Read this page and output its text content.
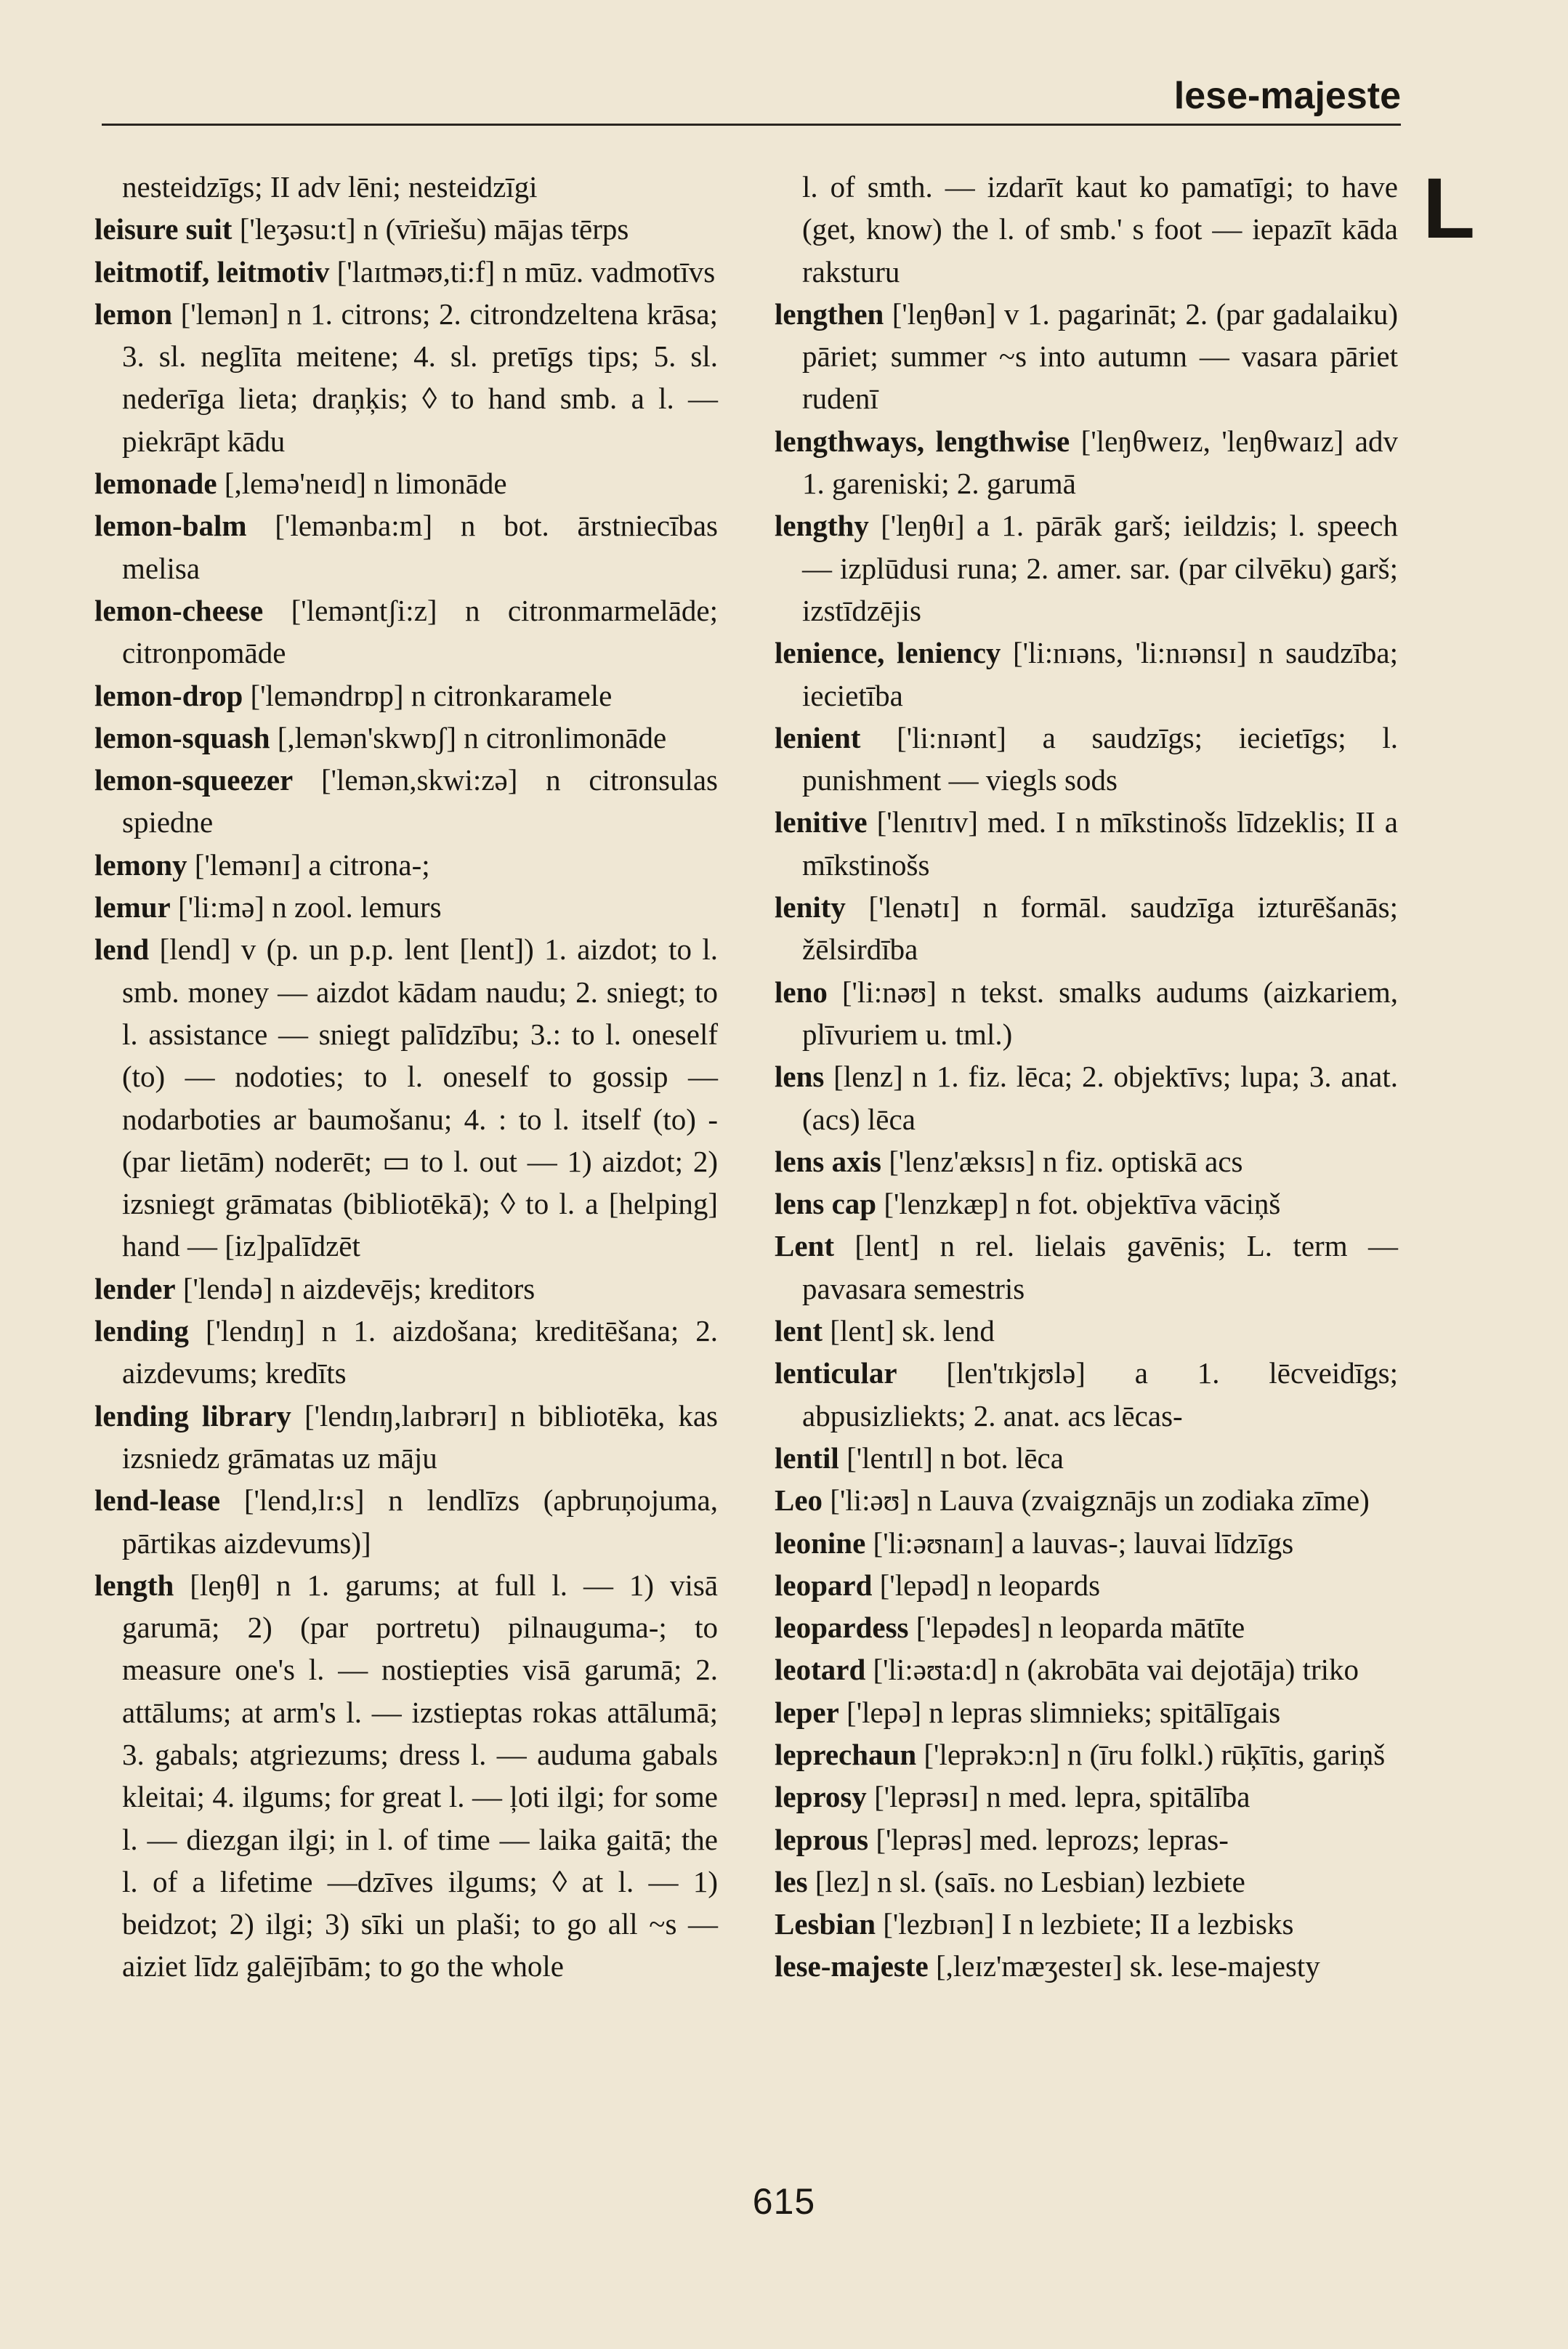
lese-majeste
L

nesteidzīgs; II adv lēni; nesteidzīgi

leisure suit ['leʒəsu:t] n (vīriešu) mājas tērps

leitmotif, leitmotiv ['laɪtməʊ,ti:f] n mūz. vadmotīvs

lemon ['lemən] n 1. citrons; 2. citrondzeltena krāsa; 3. sl. neglīta meitene; 4. sl. pretīgs tips; 5. sl. nederīga lieta; draņķis; ◊ to hand smb. a l. — piekrāpt kādu

lemonade [,lemə'neɪd] n limonāde

lemon-balm ['lemənba:m] n bot. ārstniecības melisa

lemon-cheese ['leməntʃi:z] n citronmarmelāde; citronpomāde

lemon-drop ['leməndrɒp] n citronkaramele

lemon-squash [,lemən'skwɒʃ] n citronlimonāde

lemon-squeezer ['lemən,skwi:zə] n citronsulas spiedne

lemony ['lemənɪ] a citrona-;

lemur ['li:mə] n zool. lemurs

lend [lend] v (p. un p.p. lent [lent]) 1. aizdot; to l. smb. money — aizdot kādam naudu; 2. sniegt; to l. assistance — sniegt palīdzību; 3.: to l. oneself (to) — nodoties; to l. oneself to gossip — nodarboties ar baumošanu; 4. : to l. itself (to) - (par lietām) noderēt; ▭ to l. out — 1) aizdot; 2) izsniegt grāmatas (bibliotēkā); ◊ to l. a [helping] hand — [iz]palīdzēt

lender ['lendə] n aizdevējs; kreditors

lending ['lendɪŋ] n 1. aizdošana; kreditēšana; 2. aizdevums; kredīts

lending library ['lendɪŋ,laɪbrərɪ] n bibliotēka, kas izsniedz grāmatas uz māju

lend-lease ['lend,lɪ:s] n lendlīzs (apbruņojuma, pārtikas aizdevums)]

length [leŋθ] n 1. garums; at full l. — 1) visā garumā; 2) (par portretu) pilnauguma-; to measure one's l. — nostiepties visā garumā; 2. attālums; at arm's l. — izstieptas rokas attālumā; 3. gabals; atgriezums; dress l. — auduma gabals kleitai; 4. ilgums; for great l. — ļoti ilgi; for some l. — diezgan ilgi; in l. of time — laika gaitā; the l. of a lifetime —dzīves ilgums; ◊ at l. — 1) beidzot; 2) ilgi; 3) sīki un plaši; to go all ~s — aiziet līdz galējībām; to go the whole

l. of smth. — izdarīt kaut ko pamatīgi; to have (get, know) the l. of smb.' s foot — iepazīt kāda raksturu

lengthen ['leŋθən] v 1. pagarināt; 2. (par gadalaiku) pāriet; summer ~s into autumn — vasara pāriet rudenī

lengthways, lengthwise ['leŋθweɪz, 'leŋθwaɪz] adv 1. gareniski; 2. garumā

lengthy ['leŋθɪ] a 1. pārāk garš; ieildzis; l. speech — izplūdusi runa; 2. amer. sar. (par cilvēku) garš; izstīdzējis

lenience, leniency ['li:nɪəns, 'li:nɪənsɪ] n saudzība; iecietība

lenient ['li:nɪənt] a saudzīgs; iecietīgs; l. punishment — viegls sods

lenitive ['lenɪtɪv] med. I n mīkstinošs līdzeklis; II a mīkstinošs

lenity ['lenətɪ] n formāl. saudzīga izturēšanās; žēlsirdība

leno ['li:nəʊ] n tekst. smalks audums (aizkariem, plīvuriem u. tml.)

lens [lenz] n 1. fiz. lēca; 2. objektīvs; lupa; 3. anat. (acs) lēca

lens axis ['lenz'æksɪs] n fiz. optiskā acs

lens cap ['lenzkæp] n fot. objektīva vāciņš

Lent [lent] n rel. lielais gavēnis; L. term — pavasara semestris

lent [lent] sk. lend

lenticular [len'tɪkjʊlə] a 1. lēcveidīgs; abpusizliekts; 2. anat. acs lēcas-

lentil ['lentɪl] n bot. lēca

Leo ['li:əʊ] n Lauva (zvaigznājs un zodiaka zīme)

leonine ['li:əʊnaɪn] a lauvas-; lauvai līdzīgs

leopard ['lepəd] n leopards

leopardess ['lepədes] n leoparda mātīte

leotard ['li:əʊta:d] n (akrobāta vai dejotāja) triko

leper ['lepə] n lepras slimnieks; spitālīgais

leprechaun ['leprəkɔ:n] n (īru folkl.) rūķītis, gariņš

leprosy ['leprəsɪ] n med. lepra, spitālība

leprous ['leprəs] med. leprozs; lepras-

les [lez] n sl. (saīs. no Lesbian) lezbiete

Lesbian ['lezbɪən] I n lezbiete; II a lezbisks

lese-majeste [,leɪz'mæʒesteɪ] sk. lese-majesty

615
